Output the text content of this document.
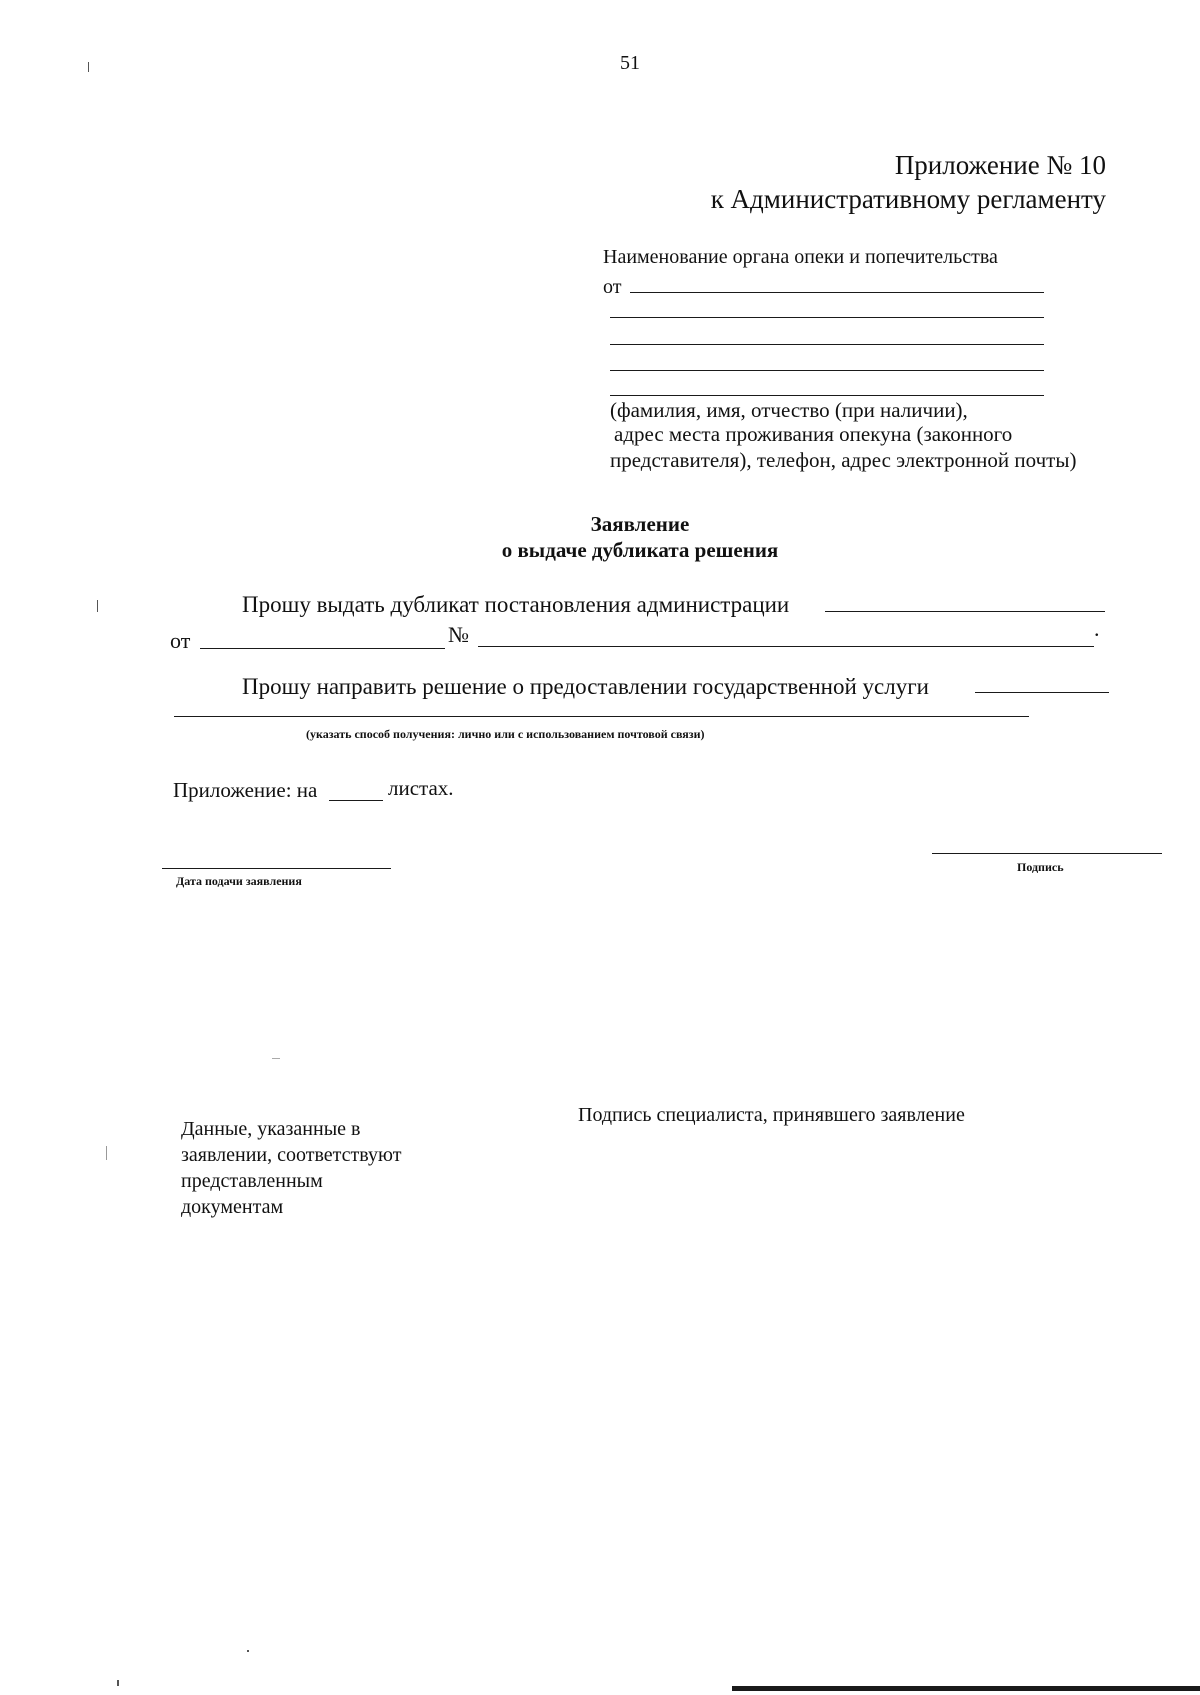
51
Приложение № 10
к Административному регламенту
Наименование органа опеки и попечительства
от
(фамилия, имя, отчество (при наличии),
адрес места проживания опекуна (законного
представителя), телефон, адрес электронной почты)
Заявление
о выдаче дубликата решения
Прошу выдать дубликат постановления администрации
от	№	.
Прошу направить решение о предоставлении государственной услуги
(указать способ получения: лично или с использованием почтовой связи)
Приложение: на	листах.
Дата подачи заявления
Подпись
Данные, указанные в заявлении, соответствуют представленным документам
Подпись специалиста, принявшего заявление
